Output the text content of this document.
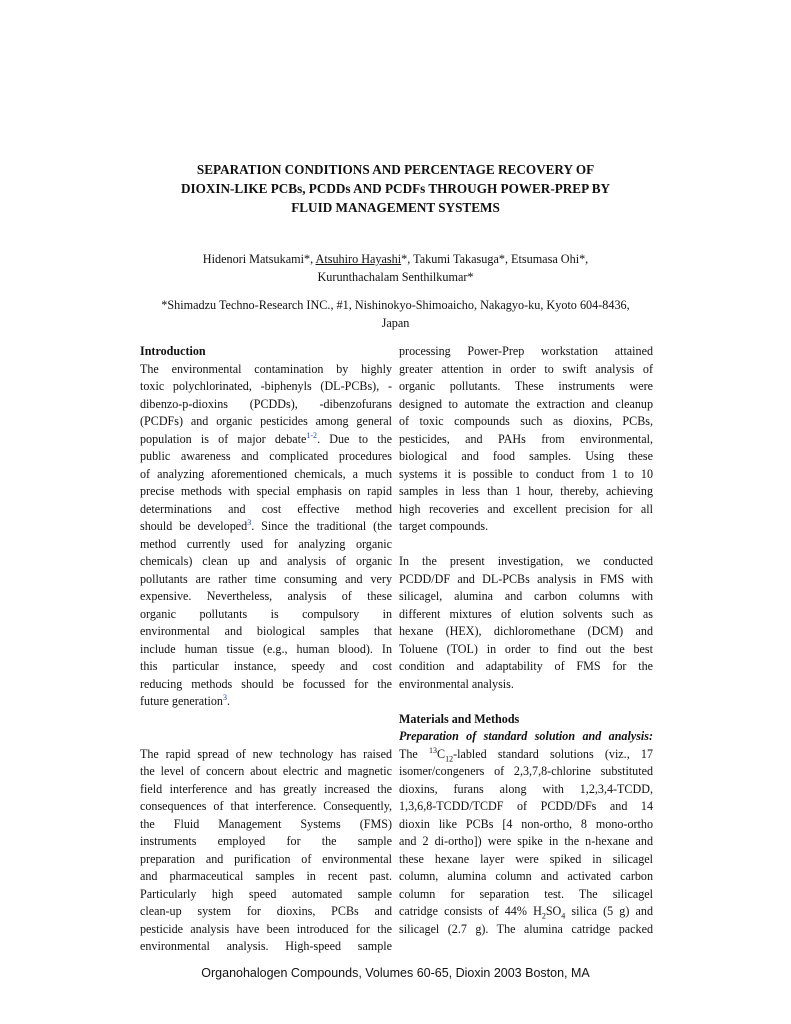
SEPARATION CONDITIONS AND PERCENTAGE RECOVERY OF
DIOXIN-LIKE PCBs, PCDDs AND PCDFs THROUGH POWER-PREP BY
FLUID MANAGEMENT SYSTEMS
Hidenori Matsukami*, Atsuhiro Hayashi*, Takumi Takasuga*, Etsumasa Ohi*,
Kurunthachalam Senthilkumar*
*Shimadzu Techno-Research INC., #1, Nishinokyo-Shimoaicho, Nakagyo-ku, Kyoto 604-8436,
Japan
Introduction
The environmental contamination by highly
toxic polychlorinated, -biphenyls (DL-PCBs), -
dibenzo-p-dioxins (PCDDs), -dibenzofurans
(PCDFs) and organic pesticides among general
population is of major debate$^{1-2}$. Due to the
public awareness and complicated procedures
of analyzing aforementioned chemicals, a much
precise methods with special emphasis on rapid
determinations and cost effective method
should be developed$^3$. Since the traditional (the
method currently used for analyzing organic
chemicals) clean up and analysis of organic
pollutants are rather time consuming and very
expensive. Nevertheless, analysis of these
organic pollutants is compulsory in
environmental and biological samples that
include human tissue (e.g., human blood). In
this particular instance, speedy and cost
reducing methods should be focussed for the
future generation$^3$.
The rapid spread of new technology has raised
the level of concern about electric and magnetic
field interference and has greatly increased the
consequences of that interference. Consequently,
the Fluid Management Systems (FMS)
instruments employed for the sample
preparation and purification of environmental
and pharmaceutical samples in recent past.
Particularly high speed automated sample
clean-up system for dioxins, PCBs and
pesticide analysis have been introduced for the
environmental analysis. High-speed sample
processing Power-Prep workstation attained
greater attention in order to swift analysis of
organic pollutants. These instruments were
designed to automate the extraction and cleanup
of toxic compounds such as dioxins, PCBs,
pesticides, and PAHs from environmental,
biological and food samples. Using these
systems it is possible to conduct from 1 to 10
samples in less than 1 hour, thereby, achieving
high recoveries and excellent precision for all
target compounds.
In the present investigation, we conducted
PCDD/DF and DL-PCBs analysis in FMS with
silicagel, alumina and carbon columns with
different mixtures of elution solvents such as
hexane (HEX), dichloromethane (DCM) and
Toluene (TOL) in order to find out the best
condition and adaptability of FMS for the
environmental analysis.
Materials and Methods
Preparation of standard solution and analysis:
The $^{13}C_{12}$-labled standard solutions (viz., 17
isomer/congeners of 2,3,7,8-chlorine substituted
dioxins, furans along with 1,2,3,4-TCDD,
1,3,6,8-TCDD/TCDF of PCDD/DFs and 14
dioxin like PCBs [4 non-ortho, 8 mono-ortho
and 2 di-ortho]) were spike in the n-hexane and
these hexane layer were spiked in silicagel
column, alumina column and activated carbon
column for separation test. The silicagel
catridge consists of 44% $H_2SO_4$ silica (5 g) and
silicagel (2.7 g). The alumina catridge packed
Organohalogen Compounds, Volumes 60-65, Dioxin 2003 Boston, MA
